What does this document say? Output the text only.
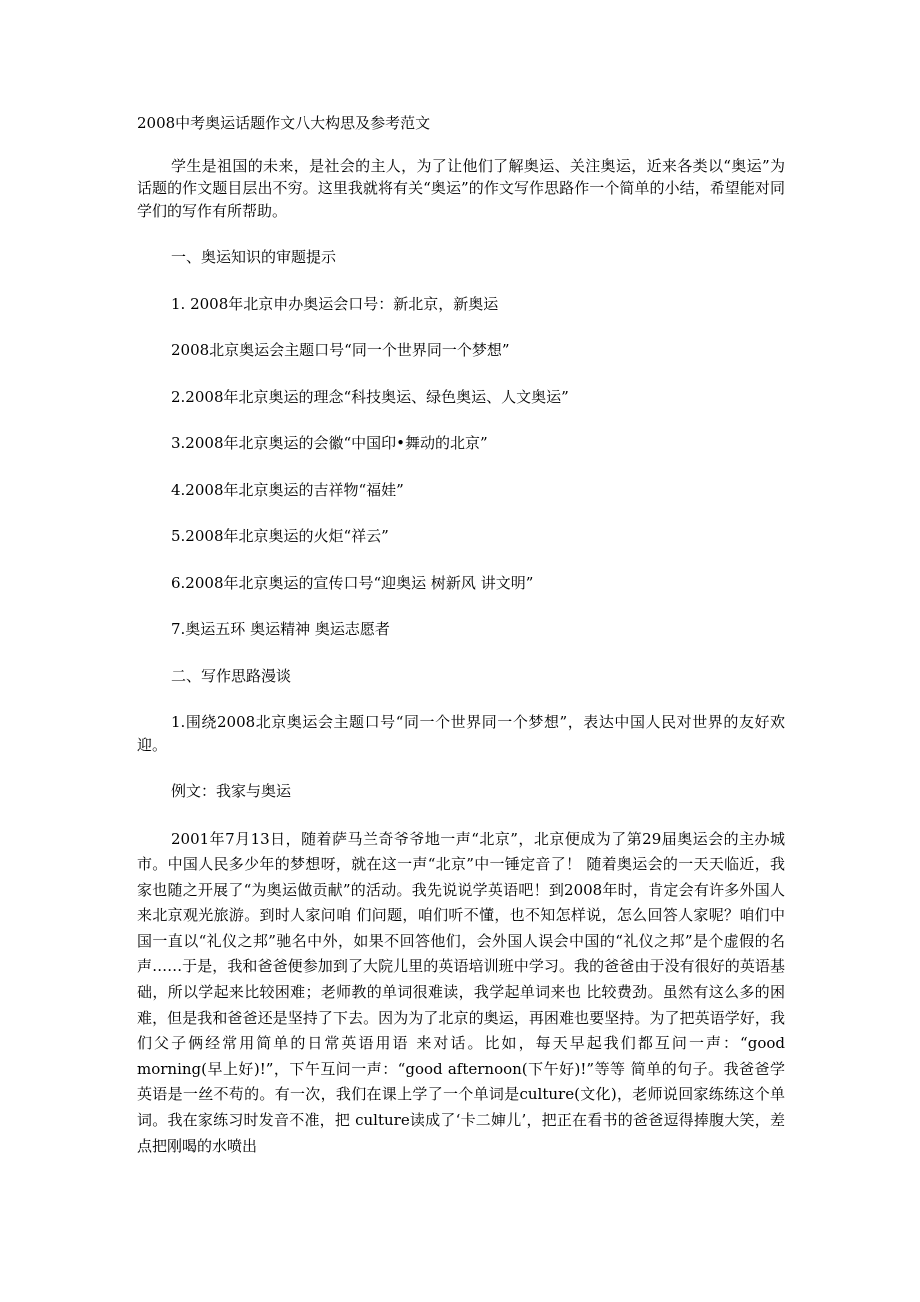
2008中考奥运话题作文八大构思及参考范文

学生是祖国的未来，是社会的主人，为了让他们了解奥运、关注奥运，近来各类以“奥运”为话题的作文题目层出不穷。这里我就将有关“奥运”的作文写作思路作一个简单的小结，希望能对同学们的写作有所帮助。

一、奥运知识的审题提示
1. 2008年北京申办奥运会口号：新北京，新奥运
2008北京奥运会主题口号“同一个世界同一个梦想”
2.2008年北京奥运的理念“科技奥运、绿色奥运、人文奥运”
3.2008年北京奥运的会徽“中国印•舞动的北京”
4.2008年北京奥运的吉祥物“福娃”
5.2008年北京奥运的火炬“祥云”
6.2008年北京奥运的宣传口号“迎奥运 树新风 讲文明”
7.奥运五环 奥运精神 奥运志愿者
二、写作思路漫谈

1.围绕2008北京奥运会主题口号“同一个世界同一个梦想”，表达中国人民对世界的友好欢迎。

例文：我家与奥运

2001年7月13日，随着萨马兰奇爷爷地一声“北京”，北京便成为了第29届奥运会的主办城市。中国人民多少年的梦想呀，就在这一声“北京”中一锤定音了！ 随着奥运会的一天天临近，我家也随之开展了“为奥运做贡献”的活动。我先说说学英语吧！到2008年时，肯定会有许多外国人来北京观光旅游。到时人家问咱 们问题，咱们听不懂，也不知怎样说，怎么回答人家呢？咱们中国一直以“礼仪之邦”驰名中外，如果不回答他们，会外国人误会中国的“礼仪之邦”是个虚假的名 声……于是，我和爸爸便参加到了大院儿里的英语培训班中学习。我的爸爸由于没有很好的英语基础，所以学起来比较困难；老师教的单词很难读，我学起单词来也 比较费劲。虽然有这么多的困难，但是我和爸爸还是坚持了下去。因为为了北京的奥运，再困难也要坚持。为了把英语学好，我们父子俩经常用简单的日常英语用语 来对话。比如，每天早起我们都互问一声：“good morning(早上好)!”，下午互问一声：“good afternoon(下午好)!”等等 简单的句子。我爸爸学英语是一丝不苟的。有一次，我们在课上学了一个单词是culture(文化)，老师说回家练练这个单词。我在家练习时发音不准，把 culture读成了‘卡二婶儿’，把正在看书的爸爸逗得捧腹大笑，差点把刚喝的水喷出
